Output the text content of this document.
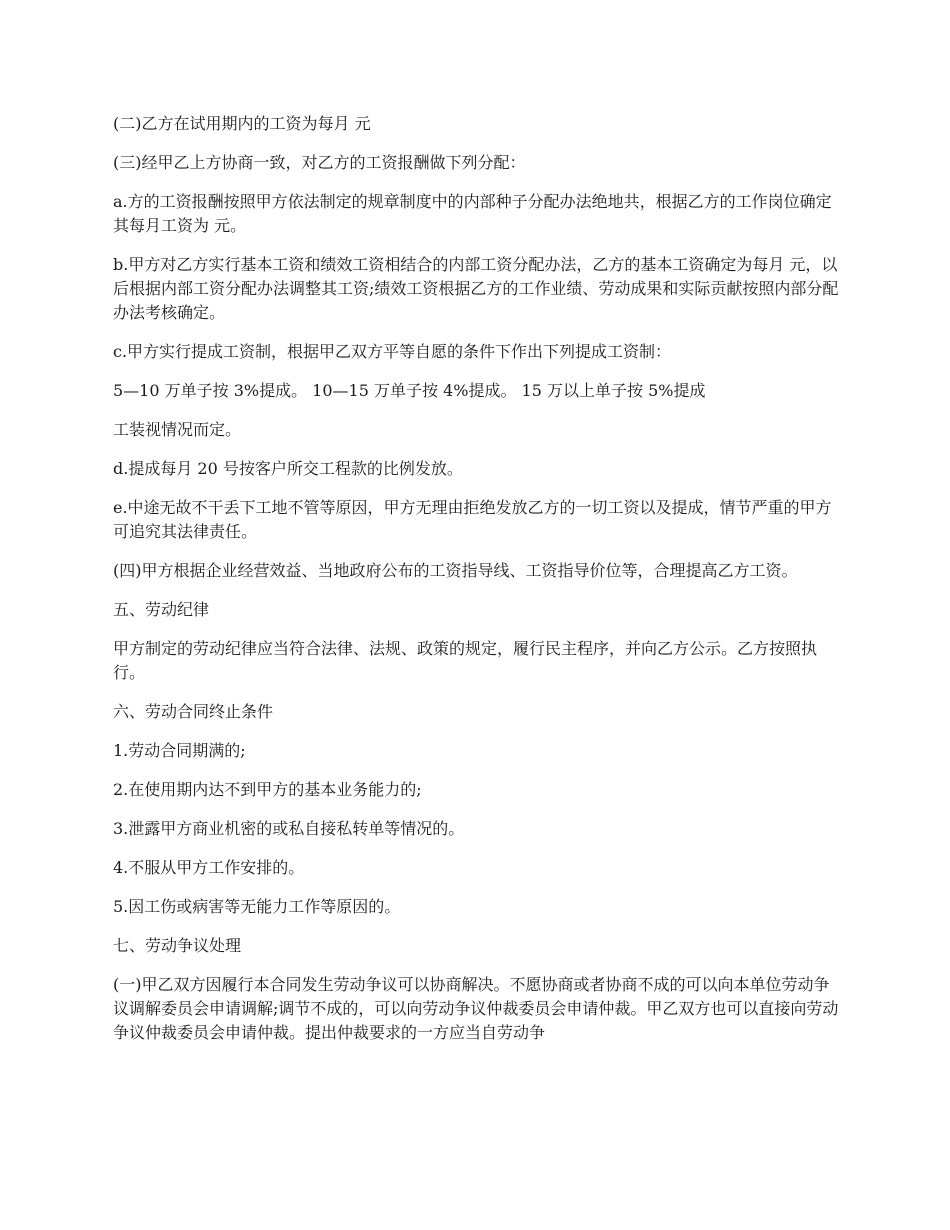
(二)乙方在试用期内的工资为每月 元

(三)经甲乙上方协商一致，对乙方的工资报酬做下列分配：

a.方的工资报酬按照甲方依法制定的规章制度中的内部种子分配办法绝地共，根据乙方的工作岗位确定其每月工资为 元。

b.甲方对乙方实行基本工资和绩效工资相结合的内部工资分配办法，乙方的基本工资确定为每月 元，以后根据内部工资分配办法调整其工资;绩效工资根据乙方的工作业绩、劳动成果和实际贡献按照内部分配办法考核确定。

c.甲方实行提成工资制，根据甲乙双方平等自愿的条件下作出下列提成工资制：

5—10 万单子按 3%提成。 10—15 万单子按 4%提成。 15 万以上单子按 5%提成

工装视情况而定。

d.提成每月 20 号按客户所交工程款的比例发放。

e.中途无故不干丢下工地不管等原因，甲方无理由拒绝发放乙方的一切工资以及提成，情节严重的甲方可追究其法律责任。

(四)甲方根据企业经营效益、当地政府公布的工资指导线、工资指导价位等，合理提高乙方工资。

五、劳动纪律

甲方制定的劳动纪律应当符合法律、法规、政策的规定，履行民主程序，并向乙方公示。乙方按照执行。

六、劳动合同终止条件

1.劳动合同期满的;

2.在使用期内达不到甲方的基本业务能力的;

3.泄露甲方商业机密的或私自接私转单等情况的。

4.不服从甲方工作安排的。

5.因工伤或病害等无能力工作等原因的。

七、劳动争议处理

(一)甲乙双方因履行本合同发生劳动争议可以协商解决。不愿协商或者协商不成的可以向本单位劳动争议调解委员会申请调解;调节不成的，可以向劳动争议仲裁委员会申请仲裁。甲乙双方也可以直接向劳动争议仲裁委员会申请仲裁。提出仲裁要求的一方应当自劳动争
